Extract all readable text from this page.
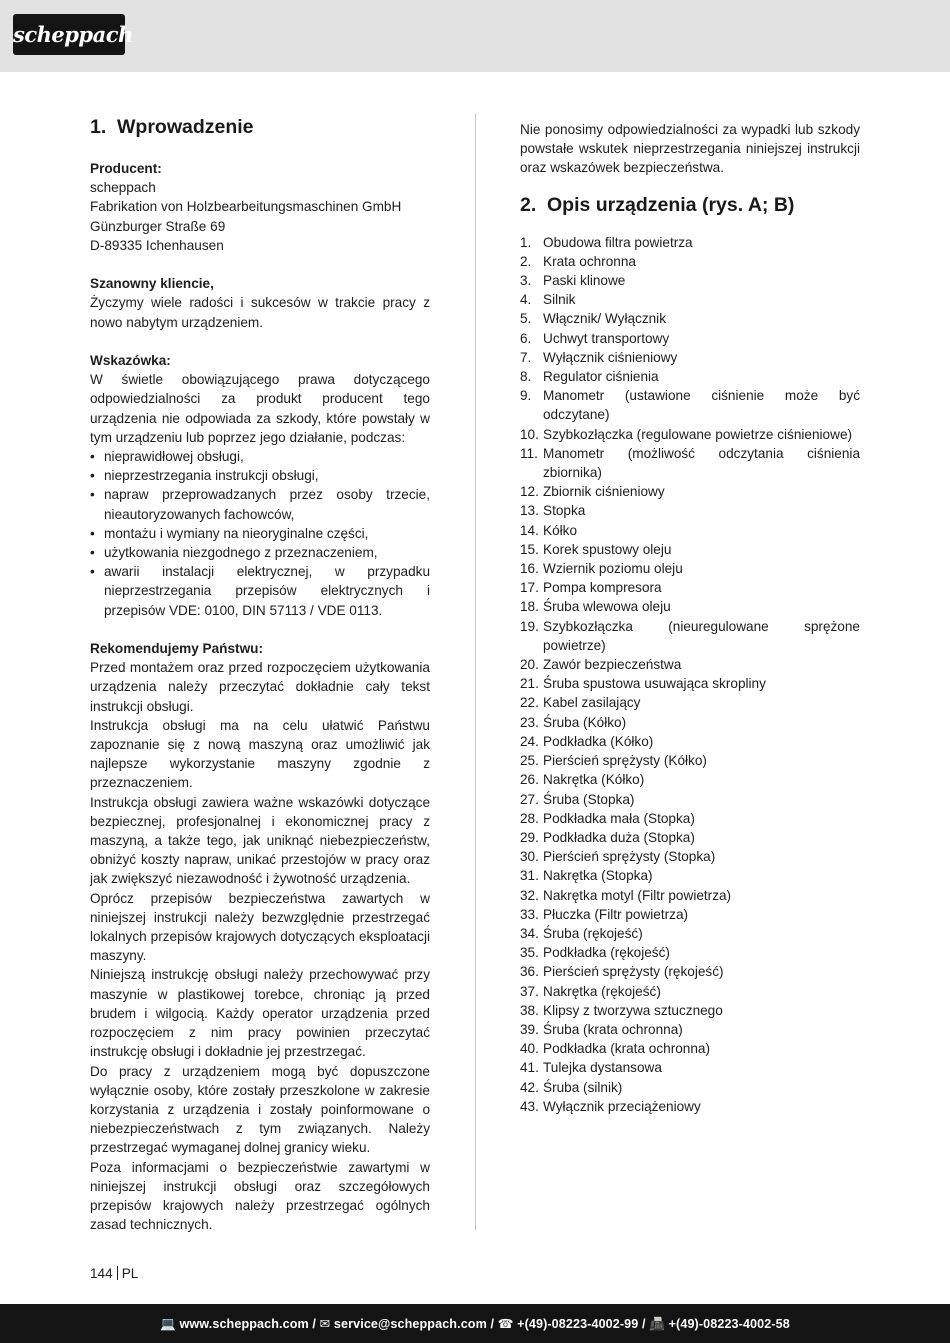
scheppach
1. Wprowadzenie

Producent:

scheppach

Fabrikation von Holzbearbeitungsmaschinen GmbH

Günzburger Straße 69

D-89335 Ichenhausen

Szanowny kliencie,

Życzymy wiele radości i sukcesów w trakcie pracy z nowo nabytym urządzeniem.

Wskazówka:

W świetle obowiązującego prawa dotyczącego odpowiedzialności za produkt producent tego urządzenia nie odpowiada za szkody, które powstały w tym urządzeniu lub poprzez jego działanie, podczas:

• nieprawidłowej obsługi,
• nieprzestrzegania instrukcji obsługi,
• napraw przeprowadzanych przez osoby trzecie, nieautoryzowanych fachowców,
• montażu i wymiany na nieoryginalne części,
• użytkowania niezgodnego z przeznaczeniem,
• awarii instalacji elektrycznej, w przypadku nieprzestrzegania przepisów elektrycznych i przepisów VDE: 0100, DIN 57113 / VDE 0113.

Rekomendujemy Państwu:

Przed montażem oraz przed rozpoczęciem użytkowania urządzenia należy przeczytać dokładnie cały tekst instrukcji obsługi.

Instrukcja obsługi ma na celu ułatwić Państwu zapoznanie się z nową maszyną oraz umożliwić jak najlepsze wykorzystanie maszyny zgodnie z przeznaczeniem.

Instrukcja obsługi zawiera ważne wskazówki dotyczące bezpiecznej, profesjonalnej i ekonomicznej pracy z maszyną, a także tego, jak uniknąć niebezpieczeństw, obniżyć koszty napraw, unikać przestojów w pracy oraz jak zwiększyć niezawodność i żywotność urządzenia.

Oprócz przepisów bezpieczeństwa zawartych w niniejszej instrukcji należy bezwzględnie przestrzegać lokalnych przepisów krajowych dotyczących eksploatacji maszyny.

Niniejszą instrukcję obsługi należy przechowywać przy maszynie w plastikowej torebce, chroniąc ją przed brudem i wilgocią. Każdy operator urządzenia przed rozpoczęciem z nim pracy powinien przeczytać instrukcję obsługi i dokładnie jej przestrzegać.

Do pracy z urządzeniem mogą być dopuszczone wyłącznie osoby, które zostały przeszkolone w zakresie korzystania z urządzenia i zostały poinformowane o niebezpieczeństwach z tym związanych. Należy przestrzegać wymaganej dolnej granicy wieku.

Poza informacjami o bezpieczeństwie zawartymi w niniejszej instrukcji obsługi oraz szczegółowych przepisów krajowych należy przestrzegać ogólnych zasad technicznych.

Nie ponosimy odpowiedzialności za wypadki lub szkody powstałe wskutek nieprzestrzegania niniejszej instrukcji oraz wskazówek bezpieczeństwa.

2. Opis urządzenia (rys. A; B)
1. Obudowa filtra powietrza
2. Krata ochronna
3. Paski klinowe
4. Silnik
5. Włącznik/ Wyłącznik
6. Uchwyt transportowy
7. Wyłącznik ciśnieniowy
8. Regulator ciśnienia
9. Manometr (ustawione ciśnienie może być odczytane)
10. Szybkozłączka (regulowane powietrze ciśnieniowe)
11. Manometr (możliwość odczytania ciśnienia zbiornika)
12. Zbiornik ciśnieniowy
13. Stopka
14. Kółko
15. Korek spustowy oleju
16. Wziernik poziomu oleju
17. Pompa kompresora
18. Śruba wlewowa oleju
19. Szybkozłączka (nieuregulowane sprężone powietrze)
20. Zawór bezpieczeństwa
21. Śruba spustowa usuwająca skropliny
22. Kabel zasilający
23. Śruba (Kółko)
24. Podkładka (Kółko)
25. Pierścień sprężysty (Kółko)
26. Nakrętka (Kółko)
27. Śruba (Stopka)
28. Podkładka mała (Stopka)
29. Podkładka duża (Stopka)
30. Pierścień sprężysty (Stopka)
31. Nakrętka (Stopka)
32. Nakrętka motyl (Filtr powietrza)
33. Płuczka (Filtr powietrza)
34. Śruba (rękojeść)
35. Podkładka (rękojeść)
36. Pierścień sprężysty (rękojeść)
37. Nakrętka (rękojeść)
38. Klipsy z tworzywa sztucznego
39. Śruba (krata ochronna)
40. Podkładka (krata ochronna)
41. Tulejka dystansowa
42. Śruba (silnik)
43. Wyłącznik przeciążeniowy
144 PL
💻 www.scheppach.com / ✉ service@scheppach.com / ☎ +(49)-08223-4002-99 / 📠 +(49)-08223-4002-58
